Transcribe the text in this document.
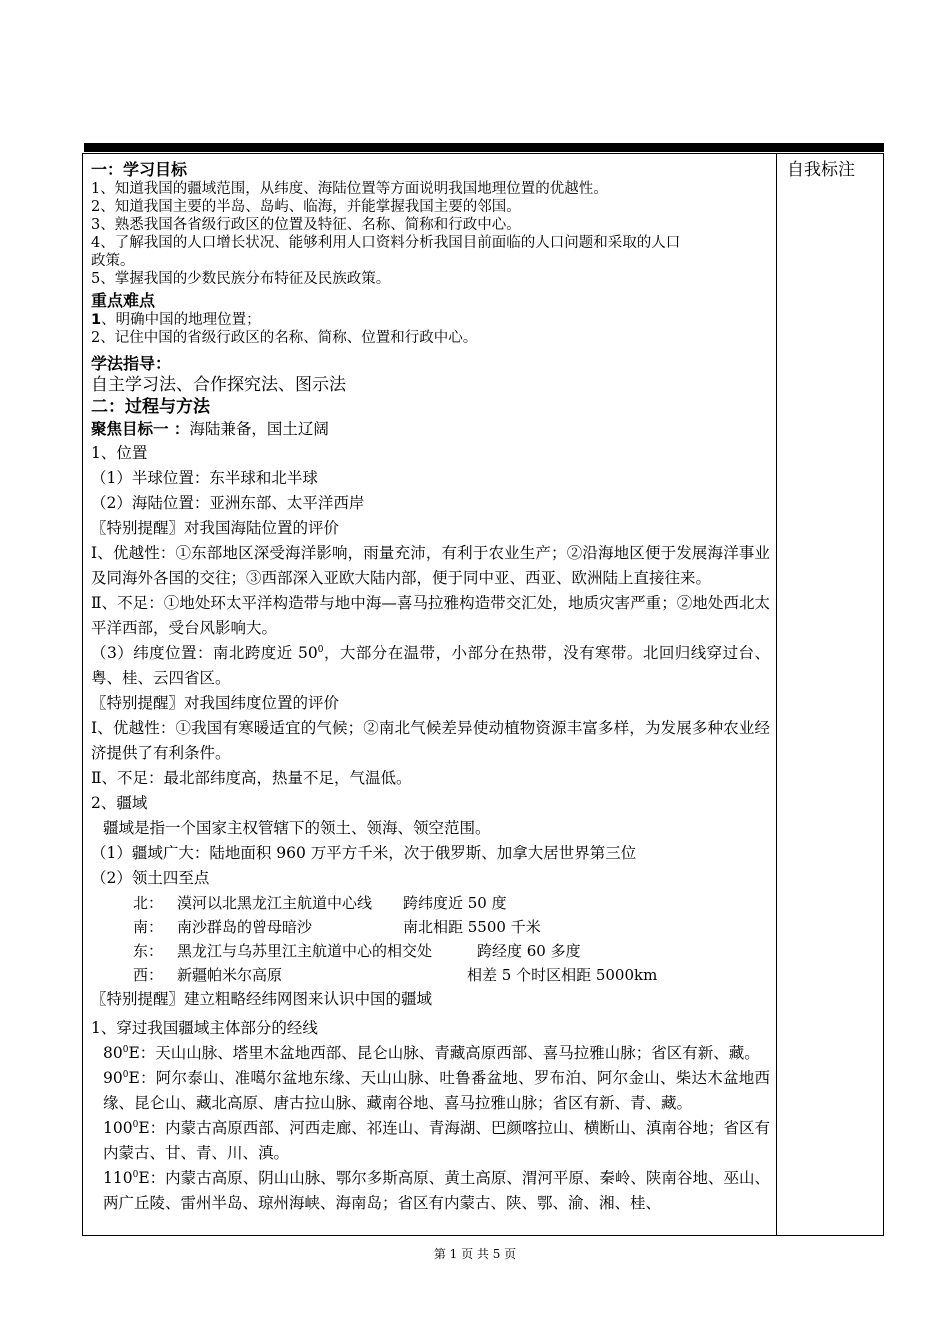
一：学习目标
1、知道我国的疆域范围，从纬度、海陆位置等方面说明我国地理位置的优越性。
2、知道我国主要的半岛、岛屿、临海，并能掌握我国主要的邻国。
3、熟悉我国各省级行政区的位置及特征、名称、简称和行政中心。
4、了解我国的人口增长状况、能够利用人口资料分析我国目前面临的人口问题和采取的人口
政策。
5、掌握我国的少数民族分布特征及民族政策。
重点难点
1、明确中国的地理位置；
2、记住中国的省级行政区的名称、简称、位置和行政中心。
学法指导：
自主学习法、合作探究法、图示法
二：过程与方法
聚焦目标一 ：海陆兼备，国土辽阔
1、位置
（1）半球位置：东半球和北半球
（2）海陆位置：亚洲东部、太平洋西岸
〖特别提醒〗对我国海陆位置的评价
Ⅰ、优越性：①东部地区深受海洋影响，雨量充沛，有利于农业生产；②沿海地区便于发展海洋事业及同海外各国的交往；③西部深入亚欧大陆内部，便于同中亚、西亚、欧洲陆上直接往来。
Ⅱ、不足：①地处环太平洋构造带与地中海—喜马拉雅构造带交汇处，地质灾害严重；②地处西北太平洋西部，受台风影响大。
（3）纬度位置：南北跨度近 $50^0$，大部分在温带，小部分在热带，没有寒带。北回归线穿过台、粤、桂、云四省区。
〖特别提醒〗对我国纬度位置的评价
Ⅰ、优越性：①我国有寒暖适宜的气候；②南北气候差异使动植物资源丰富多样，为发展多种农业经济提供了有利条件。
Ⅱ、不足：最北部纬度高，热量不足，气温低。
2、疆域
疆域是指一个国家主权管辖下的领土、领海、领空范围。
（1）疆域广大：陆地面积 960 万平方千米，次于俄罗斯、加拿大居世界第三位
（2）领土四至点
北： 漠河以北黑龙江主航道中心线	跨纬度近 50 度
南： 南沙群岛的曾母暗沙	南北相距 5500 千米
东： 黑龙江与乌苏里江主航道中心的相交处	跨经度 60 多度
西： 新疆帕米尔高原	相差 5 个时区相距 5000km
〖特别提醒〗建立粗略经纬网图来认识中国的疆域
1、穿过我国疆域主体部分的经线
$80^0E$：天山山脉、塔里木盆地西部、昆仑山脉、青藏高原西部、喜马拉雅山脉；省区有新、藏。
$90^0E$：阿尔泰山、准噶尔盆地东缘、天山山脉、吐鲁番盆地、罗布泊、阿尔金山、柴达木盆地西缘、昆仑山、藏北高原、唐古拉山脉、藏南谷地、喜马拉雅山脉；省区有新、青、藏。
$100^0E$：内蒙古高原西部、河西走廊、祁连山、青海湖、巴颜喀拉山、横断山、滇南谷地；省区有内蒙古、甘、青、川、滇。
$110^0E$：内蒙古高原、阴山山脉、鄂尔多斯高原、黄土高原、渭河平原、秦岭、陕南谷地、巫山、两广丘陵、雷州半岛、琼州海峡、海南岛；省区有内蒙古、陕、鄂、渝、湘、桂、
自我标注
第 1 页 共 5 页
